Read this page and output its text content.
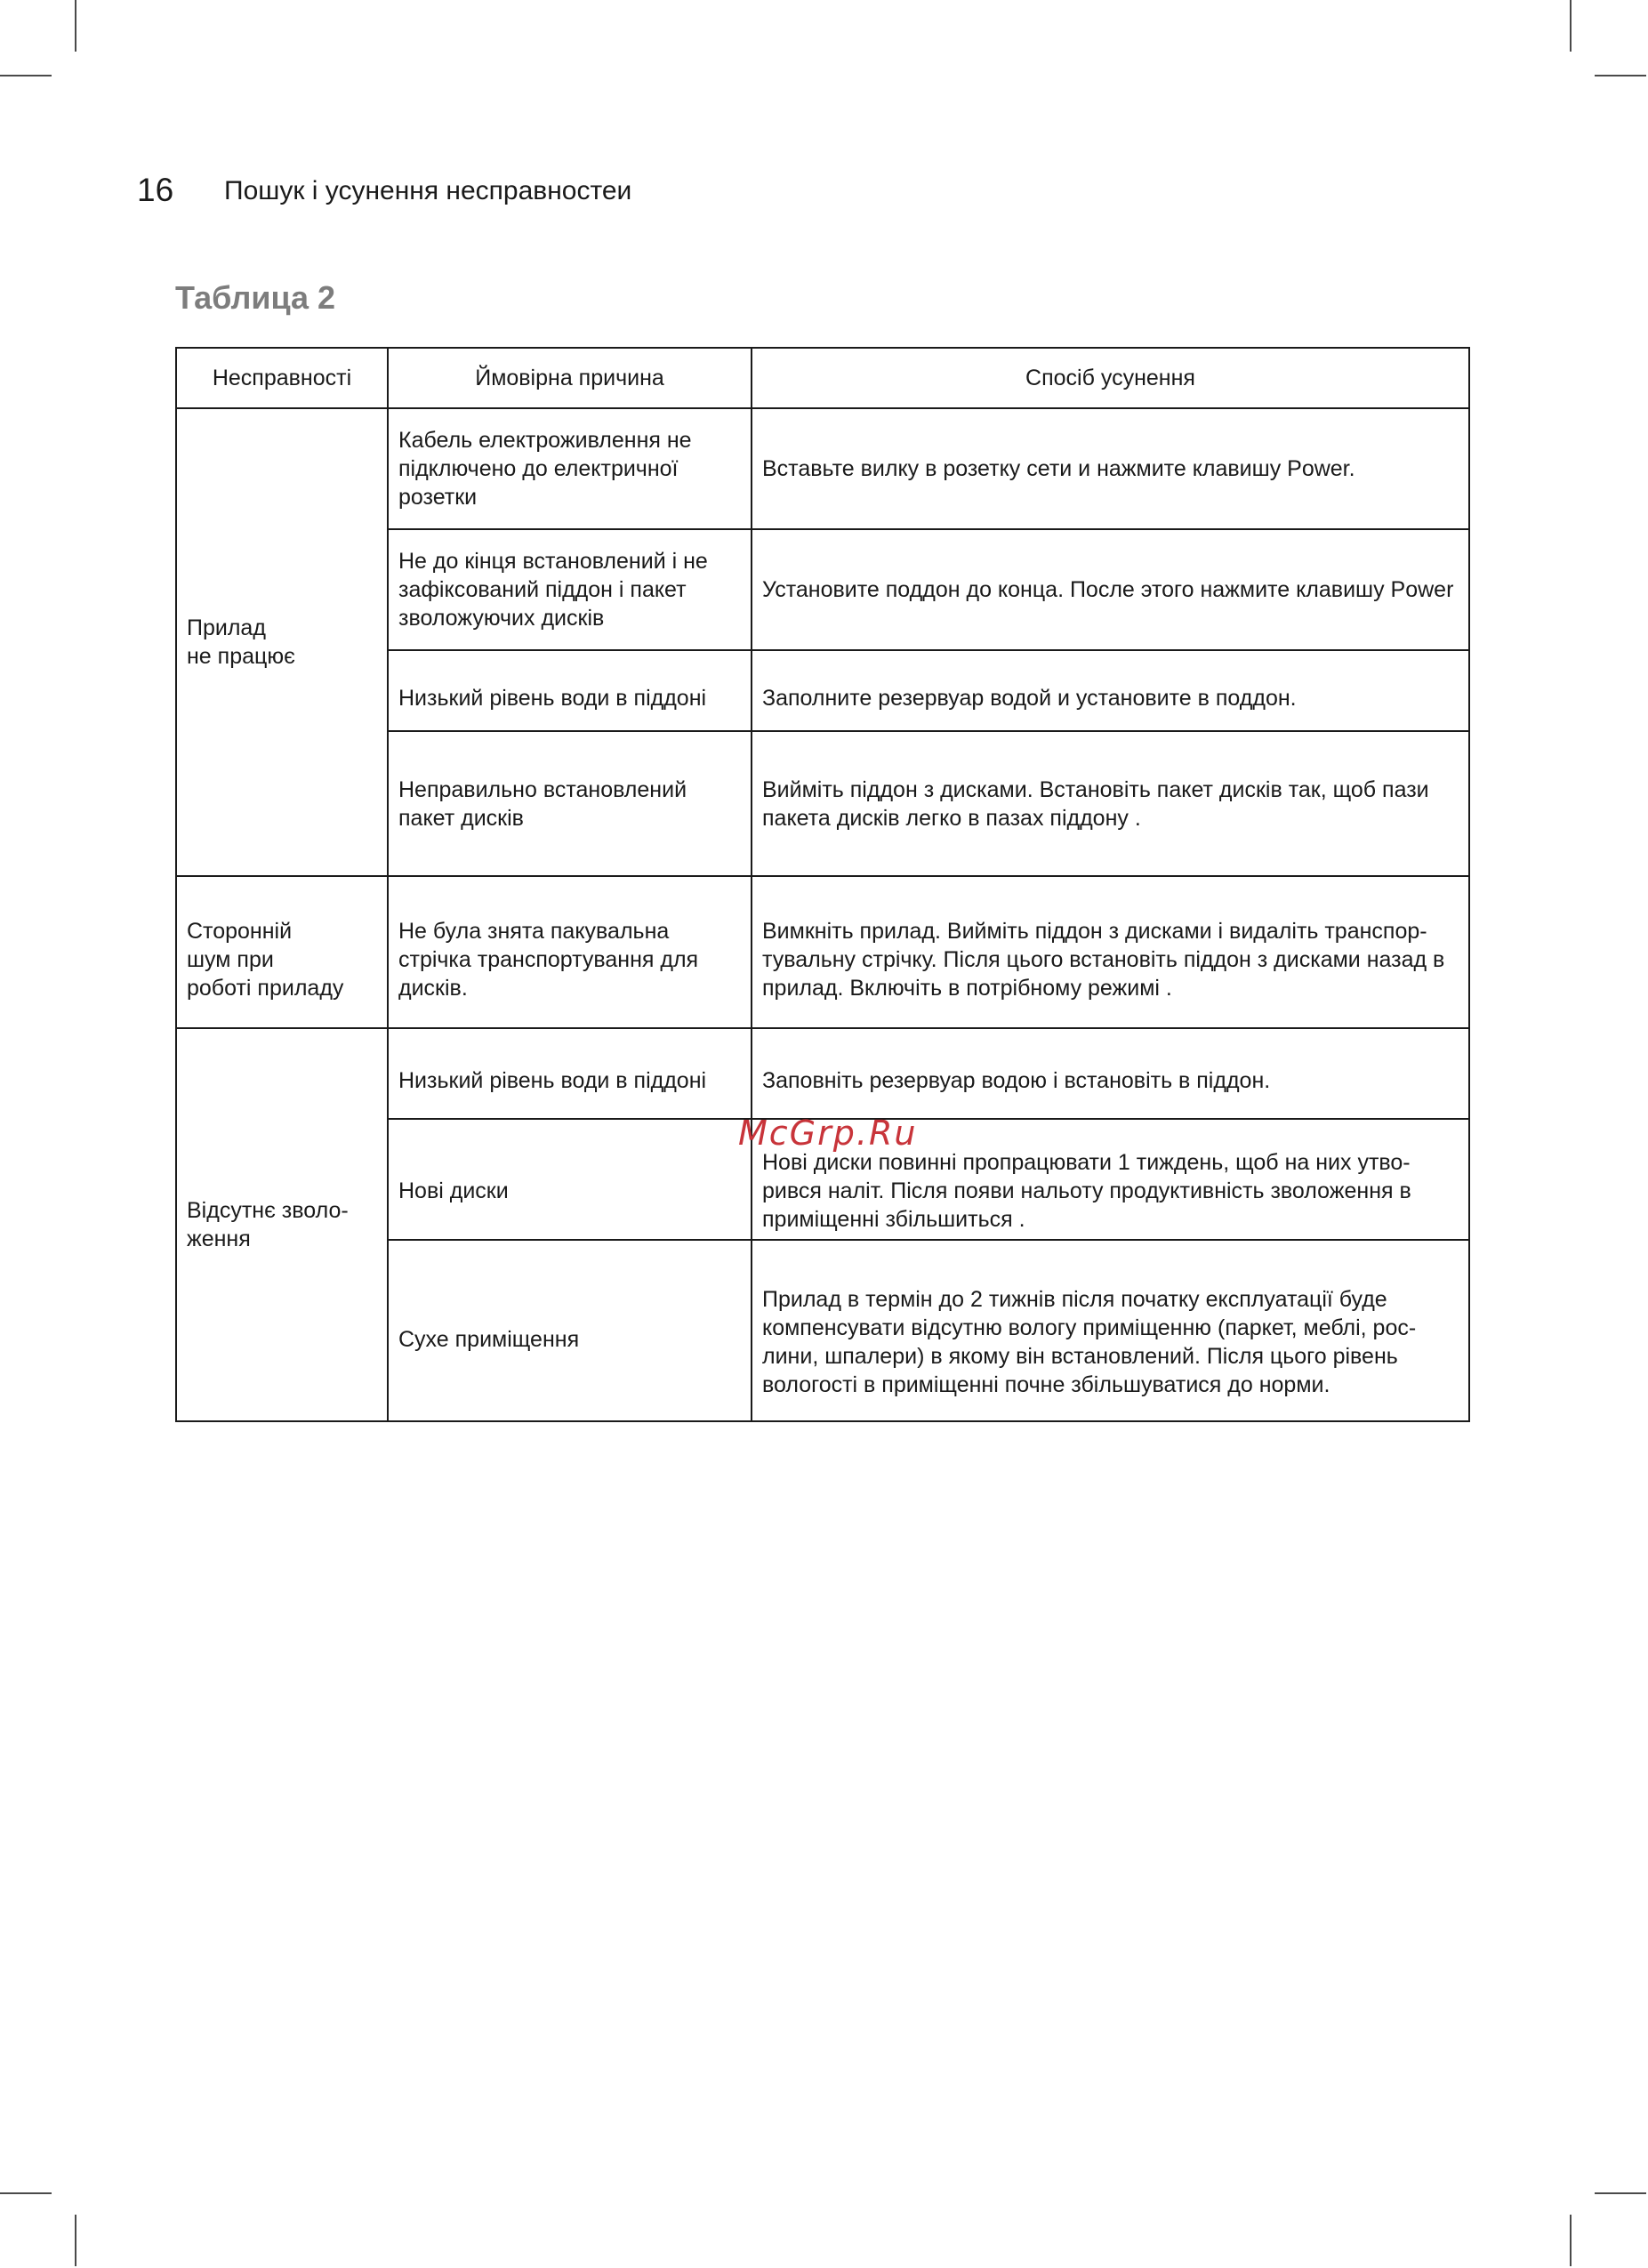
16 Пошук і усунення несправностеи
Таблица 2
Несправності	Ймовірна причина	Спосіб усунення
Прилад
не працює	Кабель електроживлення не підключено до електричної розетки	Вставьте вилку в розетку сети и нажмите клавишу Power.
	Не до кінця встановлений і не зафіксований піддон і пакет зволожуючих дисків	Установите поддон до конца. После этого нажмите клавишу Power
	Низький рівень води в піддоні	Заполните резервуар водой и установите в поддон.
	Неправильно встановлений пакет дисків	Вийміть піддон з дисками. Встановіть пакет дисків так, щоб пази пакета дисків легко в пазах піддону .
Сторонній
шум при
роботі приладу	Не була знята пакувальна стрічка транспортування для дисків.	Вимкніть прилад. Вийміть піддон з дисками і видаліть транспор-тувальну стрічку. Після цього встановіть піддон з дисками назад в прилад. Включіть в потрібному режимі .
Відсутнє зволо-ження	Низький рівень води в піддоні	Заповніть резервуар водою і встановіть в піддон.
	Нові диски	Нові диски повинні пропрацювати 1 тиждень, щоб на них утво-рився наліт. Після появи нальоту продуктивність зволоження в приміщенні збільшиться .
	Сухе приміщення	Прилад в термін до 2 тижнів після початку експлуатації буде компенсувати відсутню вологу приміщенню (паркет, меблі, рос-лини, шпалери) в якому він встановлений. Після цього рівень вологості в приміщенні почне збільшуватися до норми.
McGrp.Ru
